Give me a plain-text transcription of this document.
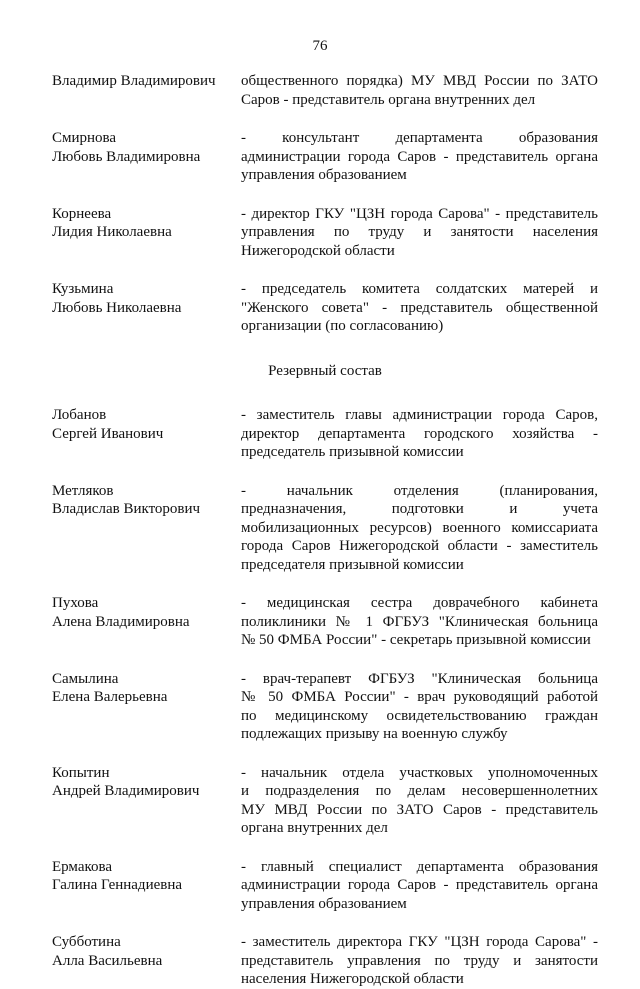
76
Владимир Владимирович	общественного порядка) МУ МВД России по ЗАТО
Саров - представитель органа внутренних дел
Смирнова
Любовь Владимировна
- консультант департамента образования
администрации города Саров - представитель органа
управления образованием
Корнеева
Лидия Николаевна
- директор ГКУ "ЦЗН города Сарова" - представитель
управления по труду и занятости населения
Нижегородской области
Кузьмина
Любовь Николаевна
- председатель комитета солдатских матерей и
"Женского совета" - представитель общественной
организации (по согласованию)
Резервный состав
Лобанов
Сергей Иванович
- заместитель главы администрации города Саров,
директор департамента городского хозяйства -
председатель призывной комиссии
Метляков
Владислав Викторович
- начальник отделения (планирования,
предназначения, подготовки и учета
мобилизационных ресурсов) военного комиссариата
города Саров Нижегородской области - заместитель
председателя призывной комиссии
Пухова
Алена Владимировна
- медицинская сестра доврачебного кабинета
поликлиники № 1 ФГБУЗ "Клиническая больница
№ 50 ФМБА России" - секретарь призывной комиссии
Самылина
Елена Валерьевна
- врач-терапевт ФГБУЗ "Клиническая больница
№ 50 ФМБА России" - врач руководящий работой
по медицинскому освидетельствованию граждан
подлежащих призыву на военную службу
Копытин
Андрей Владимирович
- начальник отдела участковых уполномоченных
и подразделения по делам несовершеннолетних
МУ МВД России по ЗАТО Саров - представитель
органа внутренних дел
Ермакова
Галина Геннадиевна
- главный специалист департамента образования
администрации города Саров - представитель органа
управления образованием
Субботина
Алла Васильевна
- заместитель директора ГКУ "ЦЗН города Сарова" -
представитель управления по труду и занятости
населения Нижегородской области
